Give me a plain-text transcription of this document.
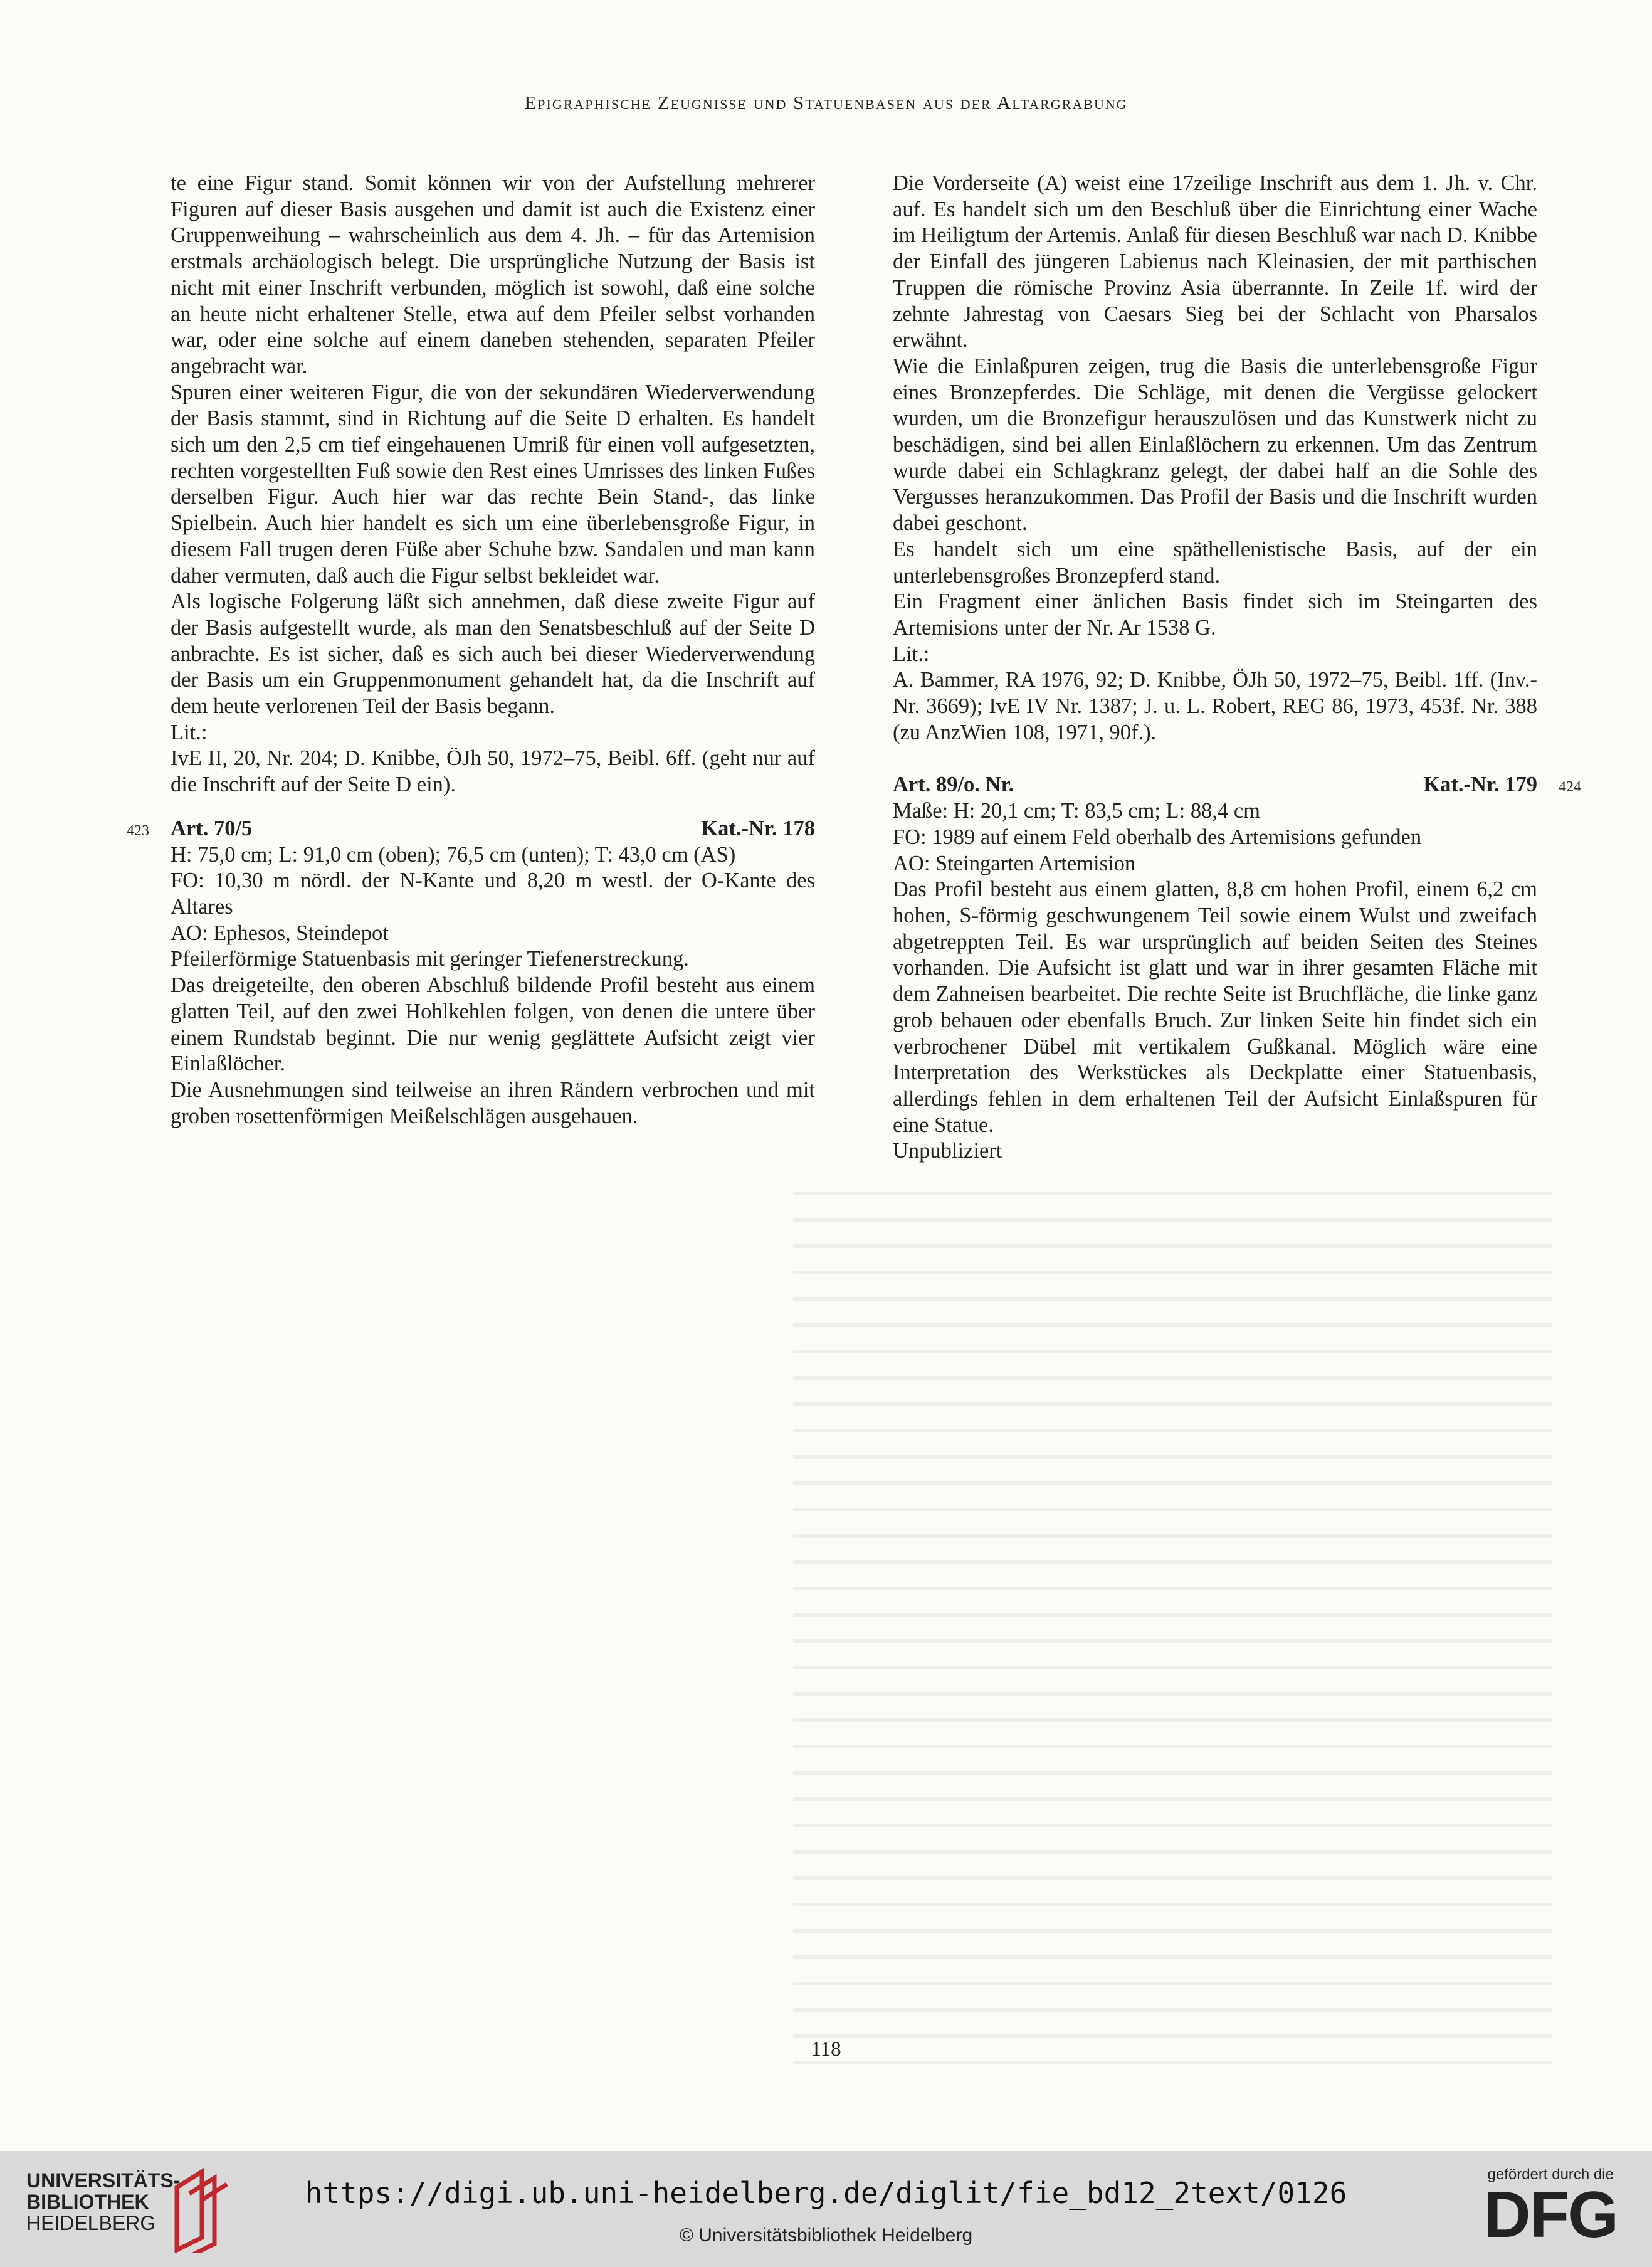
Epigraphische Zeugnisse und Statuenbasen aus der Altargrabung

te eine Figur stand. Somit können wir von der Aufstellung mehrerer Figuren auf dieser Basis ausgehen und damit ist auch die Existenz einer Gruppenweihung – wahrscheinlich aus dem 4. Jh. – für das Artemision erstmals archäologisch belegt. Die ursprüngliche Nutzung der Basis ist nicht mit einer Inschrift verbunden, möglich ist sowohl, daß eine solche an heute nicht erhaltener Stelle, etwa auf dem Pfeiler selbst vorhanden war, oder eine solche auf einem daneben stehenden, separaten Pfeiler angebracht war.

Spuren einer weiteren Figur, die von der sekundären Wiederverwendung der Basis stammt, sind in Richtung auf die Seite D erhalten. Es handelt sich um den 2,5 cm tief eingehauenen Umriß für einen voll aufgesetzten, rechten vorgestellten Fuß sowie den Rest eines Umrisses des linken Fußes derselben Figur. Auch hier war das rechte Bein Stand-, das linke Spielbein. Auch hier handelt es sich um eine überlebensgroße Figur, in diesem Fall trugen deren Füße aber Schuhe bzw. Sandalen und man kann daher vermuten, daß auch die Figur selbst bekleidet war.

Als logische Folgerung läßt sich annehmen, daß diese zweite Figur auf der Basis aufgestellt wurde, als man den Senatsbeschluß auf der Seite D anbrachte. Es ist sicher, daß es sich auch bei dieser Wiederverwendung der Basis um ein Gruppenmonument gehandelt hat, da die Inschrift auf dem heute verlorenen Teil der Basis begann.

Lit.:

IvE II, 20, Nr. 204; D. Knibbe, ÖJh 50, 1972–75, Beibl. 6ff. (geht nur auf die Inschrift auf der Seite D ein).

423 Art. 70/5	Kat.-Nr. 178

H: 75,0 cm; L: 91,0 cm (oben); 76,5 cm (unten); T: 43,0 cm (AS)

FO: 10,30 m nördl. der N-Kante und 8,20 m westl. der O-Kante des Altares

AO: Ephesos, Steindepot

Pfeilerförmige Statuenbasis mit geringer Tiefenerstreckung.

Das dreigeteilte, den oberen Abschluß bildende Profil besteht aus einem glatten Teil, auf den zwei Hohlkehlen folgen, von denen die untere über einem Rundstab beginnt. Die nur wenig geglättete Aufsicht zeigt vier Einlaßlöcher.

Die Ausnehmungen sind teilweise an ihren Rändern verbrochen und mit groben rosettenförmigen Meißelschlägen ausgehauen.

Die Vorderseite (A) weist eine 17zeilige Inschrift aus dem 1. Jh. v. Chr. auf. Es handelt sich um den Beschluß über die Einrichtung einer Wache im Heiligtum der Artemis. Anlaß für diesen Beschluß war nach D. Knibbe der Einfall des jüngeren Labienus nach Kleinasien, der mit parthischen Truppen die römische Provinz Asia überrannte. In Zeile 1f. wird der zehnte Jahrestag von Caesars Sieg bei der Schlacht von Pharsalos erwähnt.

Wie die Einlaßpuren zeigen, trug die Basis die unterlebensgroße Figur eines Bronzepferdes. Die Schläge, mit denen die Vergüsse gelockert wurden, um die Bronzefigur herauszulösen und das Kunstwerk nicht zu beschädigen, sind bei allen Einlaßlöchern zu erkennen. Um das Zentrum wurde dabei ein Schlagkranz gelegt, der dabei half an die Sohle des Vergusses heranzukommen. Das Profil der Basis und die Inschrift wurden dabei geschont.

Es handelt sich um eine späthellenistische Basis, auf der ein unterlebensgroßes Bronzepferd stand.

Ein Fragment einer änlichen Basis findet sich im Steingarten des Artemisions unter der Nr. Ar 1538 G.

Lit.:

A. Bammer, RA 1976, 92; D. Knibbe, ÖJh 50, 1972–75, Beibl. 1ff. (Inv.- Nr. 3669); IvE IV Nr. 1387; J. u. L. Robert, REG 86, 1973, 453f. Nr. 388 (zu AnzWien 108, 1971, 90f.).

Art. 89/o. Nr.	Kat.-Nr. 179 424

Maße: H: 20,1 cm; T: 83,5 cm; L: 88,4 cm

FO: 1989 auf einem Feld oberhalb des Artemisions gefunden

AO: Steingarten Artemision

Das Profil besteht aus einem glatten, 8,8 cm hohen Profil, einem 6,2 cm hohen, S-förmig geschwungenem Teil sowie einem Wulst und zweifach abgetreppten Teil. Es war ursprünglich auf beiden Seiten des Steines vorhanden. Die Aufsicht ist glatt und war in ihrer gesamten Fläche mit dem Zahneisen bearbeitet. Die rechte Seite ist Bruchfläche, die linke ganz grob behauen oder ebenfalls Bruch. Zur linken Seite hin findet sich ein verbrochener Dübel mit vertikalem Gußkanal. Möglich wäre eine Interpretation des Werkstückes als Deckplatte einer Statuenbasis, allerdings fehlen in dem erhaltenen Teil der Aufsicht Einlaßspuren für eine Statue.

Unpubliziert

118
UNIVERSITÄTS-
BIBLIOTHEK
HEIDELBERG
https://digi.ub.uni-heidelberg.de/diglit/fie_bd12_2text/0126
© Universitätsbibliothek Heidelberg
gefördert durch die
DFG
